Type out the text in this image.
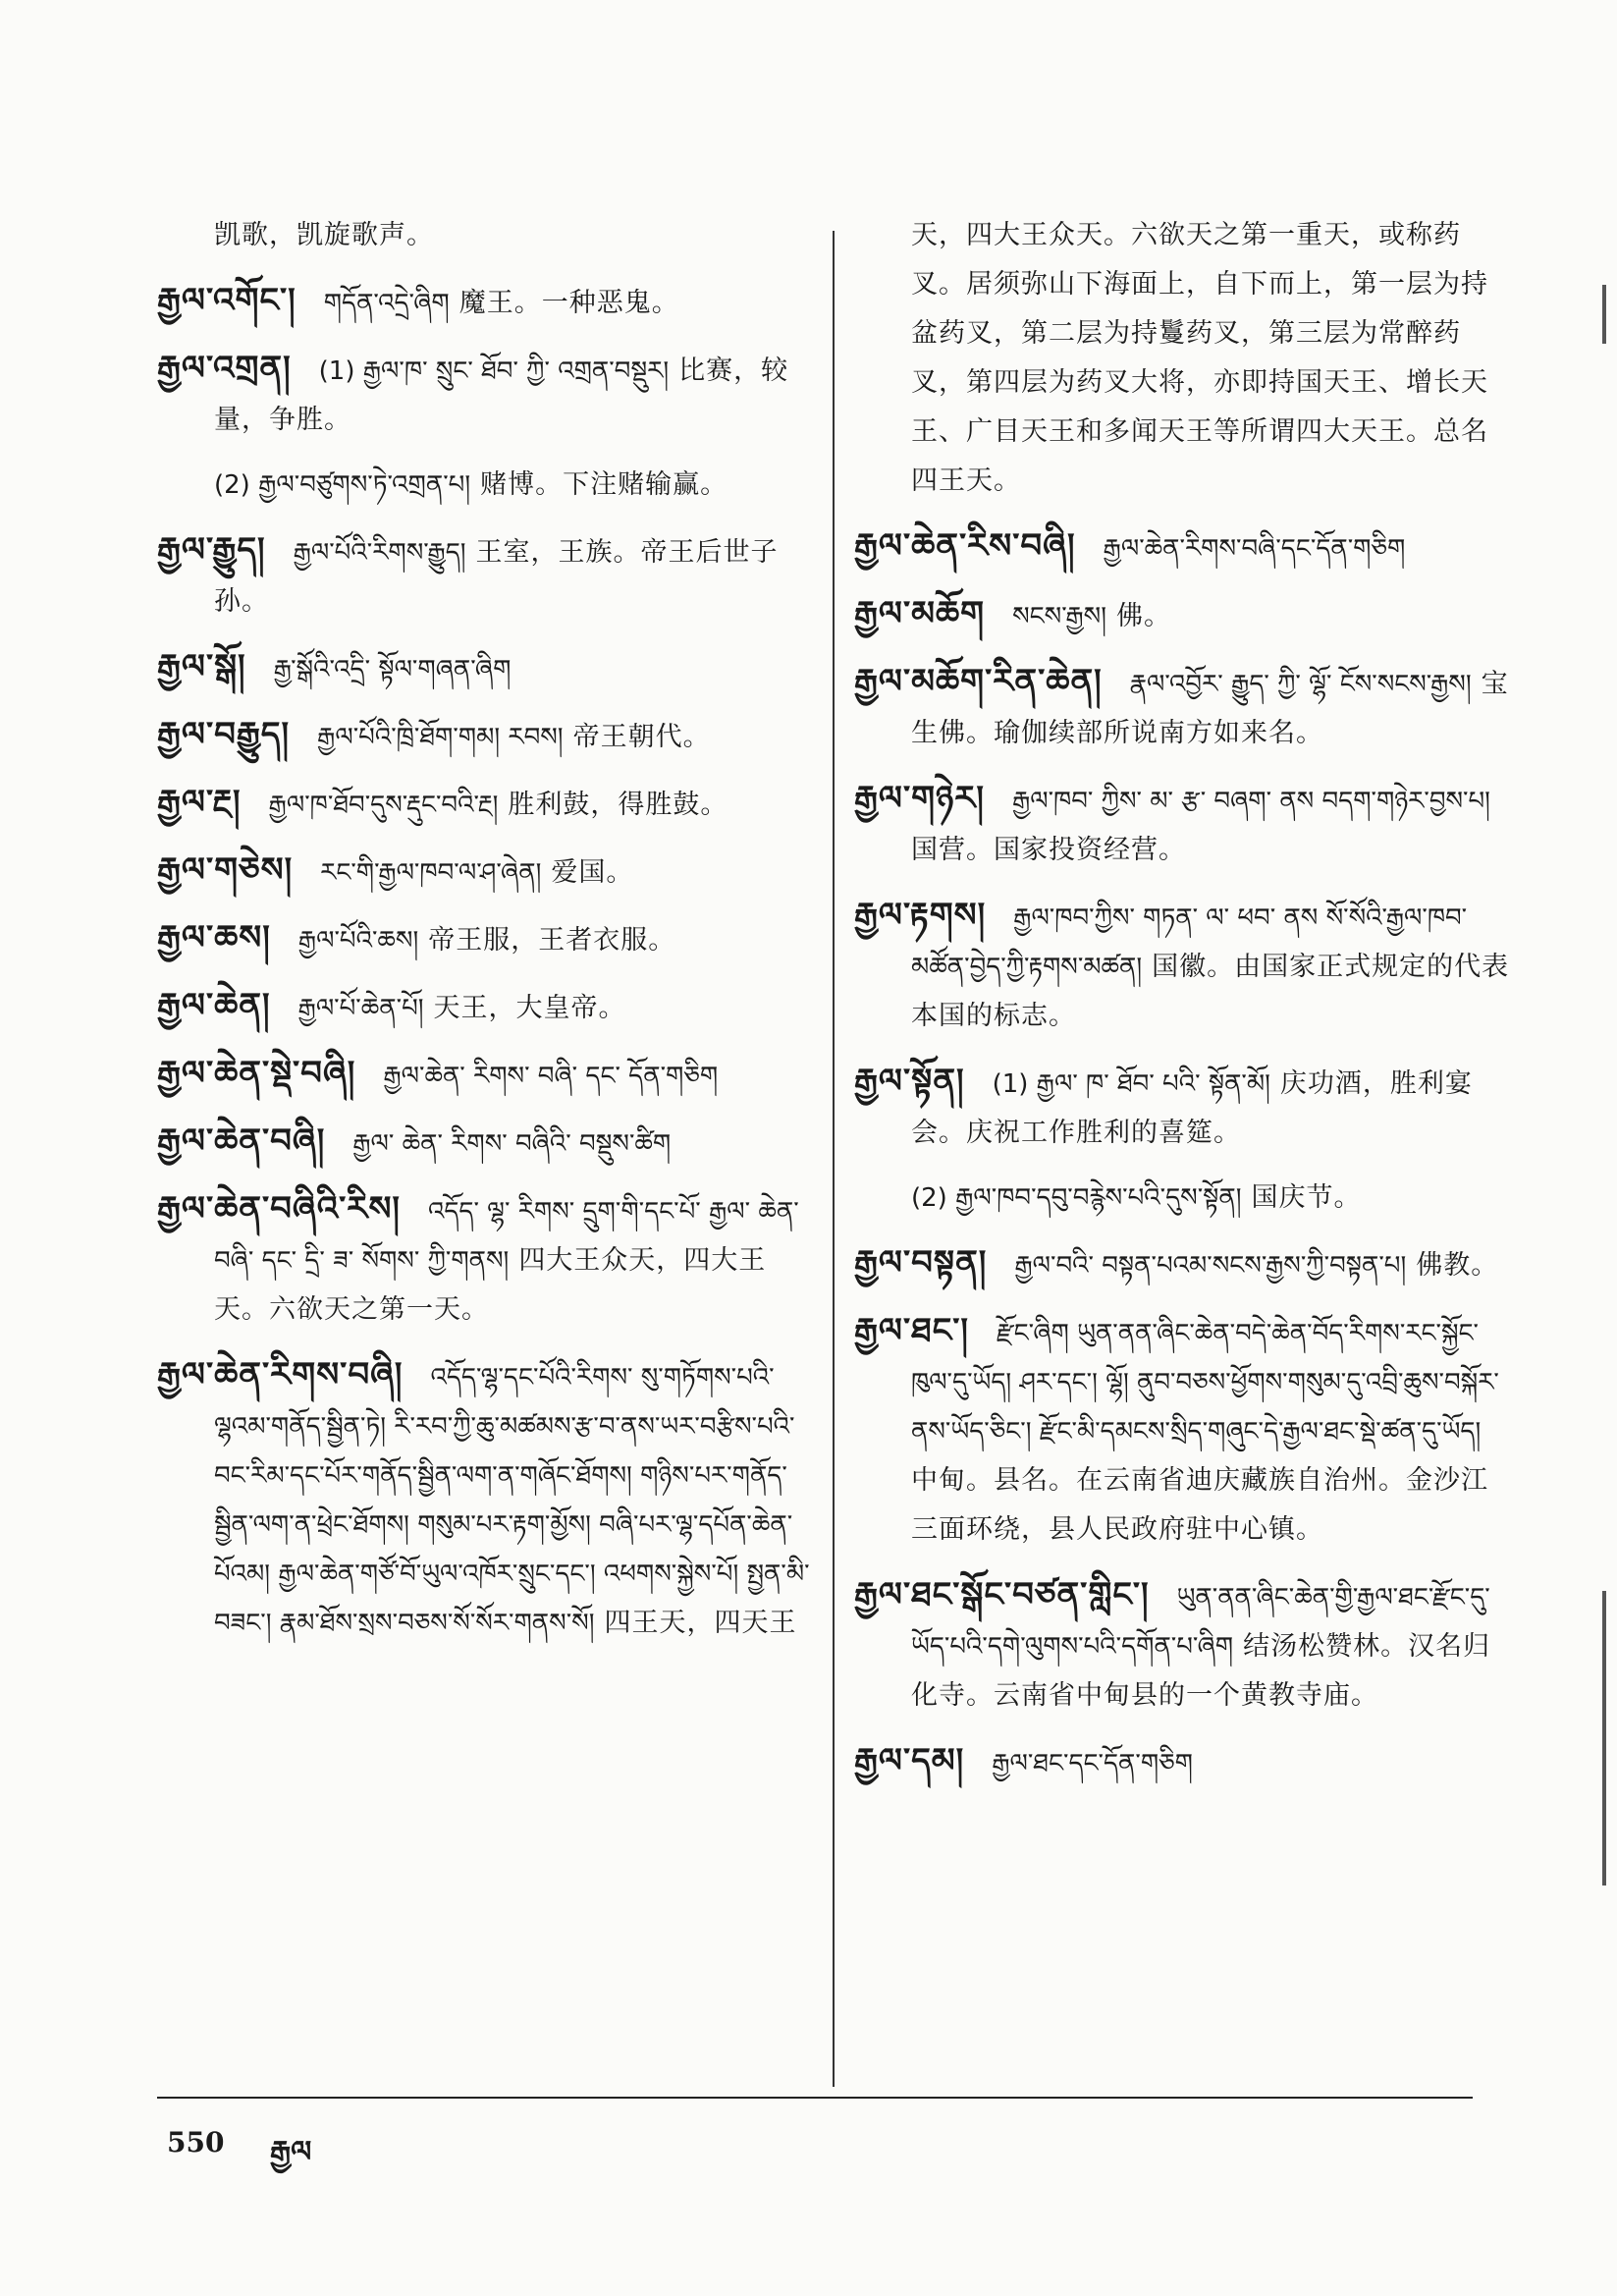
凯歌，凯旋歌声。
རྒྱལ་འགོང་། གདོན་འདྲེ་ཞིག 魔王。一种恶鬼。
རྒྱལ་འགྲན། (1) རྒྱལ་ཁ་ སྲུང་ ཐོབ་ ཀྱི་ འགྲན་བསྡུར། 比赛，较量，争胜。
(2) རྒྱལ་བཙུགས་ཏེ་འགྲན་པ། 赌博。下注赌输赢。
རྒྱལ་རྒྱུད། རྒྱལ་པོའི་རིགས་རྒྱུད། 王室，王族。帝王后世子孙。
རྒྱལ་སྒོ། རྒྱ་སྒོའི་འདྲི་ སྟོལ་གཞན་ཞིག
རྒྱལ་བརྒྱུད། རྒྱལ་པོའི་ཁྲི་ཐོག་གམ། རབས། 帝王朝代。
རྒྱལ་རྔ། རྒྱལ་ཁ་ཐོབ་དུས་རྡུང་བའི་རྔ། 胜利鼓，得胜鼓。
རྒྱལ་གཅེས། རང་གི་རྒྱལ་ཁབ་ལ་ཤ་ཞེན། 爱国。
རྒྱལ་ཆས། རྒྱལ་པོའི་ཆས། 帝王服，王者衣服。
རྒྱལ་ཆེན། རྒྱལ་པོ་ཆེན་པོ། 天王，大皇帝。
རྒྱལ་ཆེན་སྡེ་བཞི། རྒྱལ་ཆེན་ རིགས་ བཞི་ དང་ དོན་གཅིག
རྒྱལ་ཆེན་བཞི། རྒྱལ་ ཆེན་ རིགས་ བཞིའི་ བསྡུས་ཚིག
རྒྱལ་ཆེན་བཞིའི་རིས། འདོད་ ལྷ་ རིགས་ དྲུག་གི་དང་པོ་ རྒྱལ་ ཆེན་ བཞི་ དང་ དྲི་ ཟ་ སོགས་ ཀྱི་གནས། 四大王众天，四大王天。六欲天之第一天。
རྒྱལ་ཆེན་རིགས་བཞི། འདོད་ལྷ་དང་པོའི་རིགས་ སུ་གཏོགས་པའི་ལྷའམ་གནོད་སྦྱིན་ཏེ། རི་རབ་ཀྱི་ཆུ་མཚམས་རྩ་བ་ནས་ཡར་བརྩིས་པའི་བང་རིམ་དང་པོར་གནོད་སྦྱིན་ལག་ན་གཞོང་ཐོགས། གཉིས་པར་གནོད་སྦྱིན་ལག་ན་ཕྲེང་ཐོགས། གསུམ་པར་རྟག་མྱོས། བཞི་པར་ལྷ་དཔོན་ཆེན་པོའམ། རྒྱལ་ཆེན་གཙོ་བོ་ཡུལ་འཁོར་སྲུང་དང་། འཕགས་སྐྱེས་པོ། སྤྱན་མི་བཟང་། རྣམ་ཐོས་སྲས་བཅས་སོ་སོར་གནས་སོ། 四王天，四天王
天，四大王众天。六欲天之第一重天，或称药叉。居须弥山下海面上，自下而上，第一层为持盆药叉，第二层为持鬘药叉，第三层为常醉药叉，第四层为药叉大将，亦即持国天王、增长天王、广目天王和多闻天王等所谓四大天王。总名四王天。
རྒྱལ་ཆེན་རིས་བཞི། རྒྱལ་ཆེན་རིགས་བཞི་དང་དོན་གཅིག
རྒྱལ་མཆོག སངས་རྒྱས། 佛。
རྒྱལ་མཆོག་རིན་ཆེན། རྣལ་འབྱོར་ རྒྱུད་ ཀྱི་ ལྷོ་ ངོས་སངས་རྒྱས། 宝生佛。瑜伽续部所说南方如来名。
རྒྱལ་གཉེར། རྒྱལ་ཁབ་ ཀྱིས་ མ་ རྩ་ བཞག་ ནས བདག་གཉེར་བྱས་པ།国营。国家投资经营。
རྒྱལ་རྟགས། རྒྱལ་ཁབ་ཀྱིས་ གཏན་ ལ་ ཕབ་ ནས སོ་སོའི་རྒྱལ་ཁབ་མཚོན་བྱེད་ཀྱི་རྟགས་མཚན། 国徽。由国家正式规定的代表本国的标志。
རྒྱལ་སྟོན། (1) རྒྱལ་ ཁ་ ཐོབ་ པའི་ སྟོན་མོ། 庆功酒，胜利宴会。庆祝工作胜利的喜筵。
(2) རྒྱལ་ཁབ་དབུ་བརྙེས་པའི་དུས་སྟོན། 国庆节。
རྒྱལ་བསྟན། རྒྱལ་བའི་ བསྟན་པའམ་སངས་རྒྱས་ཀྱི་བསྟན་པ། 佛教。
རྒྱལ་ཐང་། རྫོང་ཞིག ཡུན་ནན་ཞིང་ཆེན་བདེ་ཆེན་བོད་རིགས་རང་སྐྱོང་ཁུལ་དུ་ཡོད། ཤར་དང་། ལྷོ། ནུབ་བཅས་ཕྱོགས་གསུམ་དུ་འབྲི་ཆུས་བསྐོར་ནས་ཡོད་ཅིང་། རྫོང་མི་དམངས་སྲིད་གཞུང་དེ་རྒྱལ་ཐང་སྡེ་ཚན་དུ་ཡོད།中甸。县名。在云南省迪庆藏族自治州。金沙江三面环绕，县人民政府驻中心镇。
རྒྱལ་ཐང་སྒོང་བཙན་གླིང་། ཡུན་ནན་ཞིང་ཆེན་གྱི་རྒྱལ་ཐང་རྫོང་དུ་ཡོད་པའི་དགེ་ལུགས་པའི་དགོན་པ་ཞིག 结汤松赞林。汉名归化寺。云南省中甸县的一个黄教寺庙。
རྒྱལ་དམ། རྒྱལ་ཐང་དང་དོན་གཅིག
550 རྒྱལ
